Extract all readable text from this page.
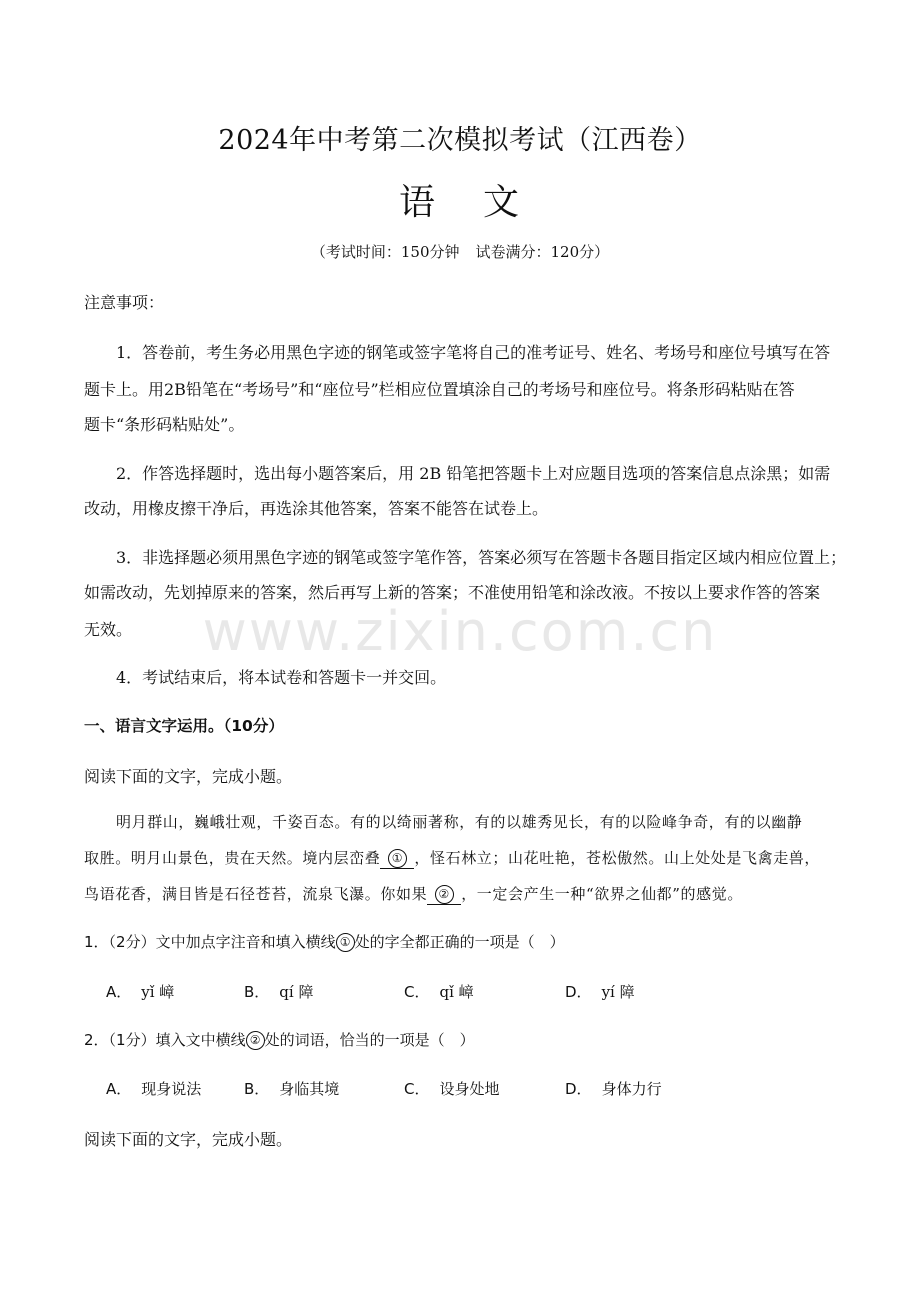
2024年中考第二次模拟考试（江西卷）
语 文
（考试时间：150分钟 试卷满分：120分）
注意事项：
1．答卷前，考生务必用黑色字迹的钢笔或签字笔将自己的准考证号、姓名、考场号和座位号填写在答
题卡上。用2B铅笔在“考场号”和“座位号”栏相应位置填涂自己的考场号和座位号。将条形码粘贴在答
题卡“条形码粘贴处”。
2．作答选择题时，选出每小题答案后，用 2B 铅笔把答题卡上对应题目选项的答案信息点涂黑；如需
改动，用橡皮擦干净后，再选涂其他答案，答案不能答在试卷上。
3．非选择题必须用黑色字迹的钢笔或签字笔作答，答案必须写在答题卡各题目指定区域内相应位置上；
如需改动，先划掉原来的答案，然后再写上新的答案；不准使用铅笔和涂改液。不按以上要求作答的答案
无效。
4．考试结束后，将本试卷和答题卡一并交回。
一、语言文字运用。（10分）
阅读下面的文字，完成小题。
明月群山，巍峨壮观，千姿百态。有的以绮丽著称，有的以雄秀见长，有的以险峰争奇，有的以幽静
取胜。明月山景色，贵在天然。境内层峦叠 ① ，怪石林立；山花吐艳，苍松傲然。山上处处是飞禽走兽，
鸟语花香，满目皆是石径苍苔，流泉飞瀑。你如果 ② ，一定会产生一种“欲界之仙都”的感觉。
1．（2分）文中加点字注音和填入横线 ① 处的字全都正确的一项是（　）
A． yǐ 嶂	B． qí 障	C． qǐ 嶂	D． yí 障
2．（1分）填入文中横线 ② 处的词语，恰当的一项是（　）
A． 现身说法	B． 身临其境	C． 设身处地	D． 身体力行
阅读下面的文字，完成小题。
www.zixin.com.cn
